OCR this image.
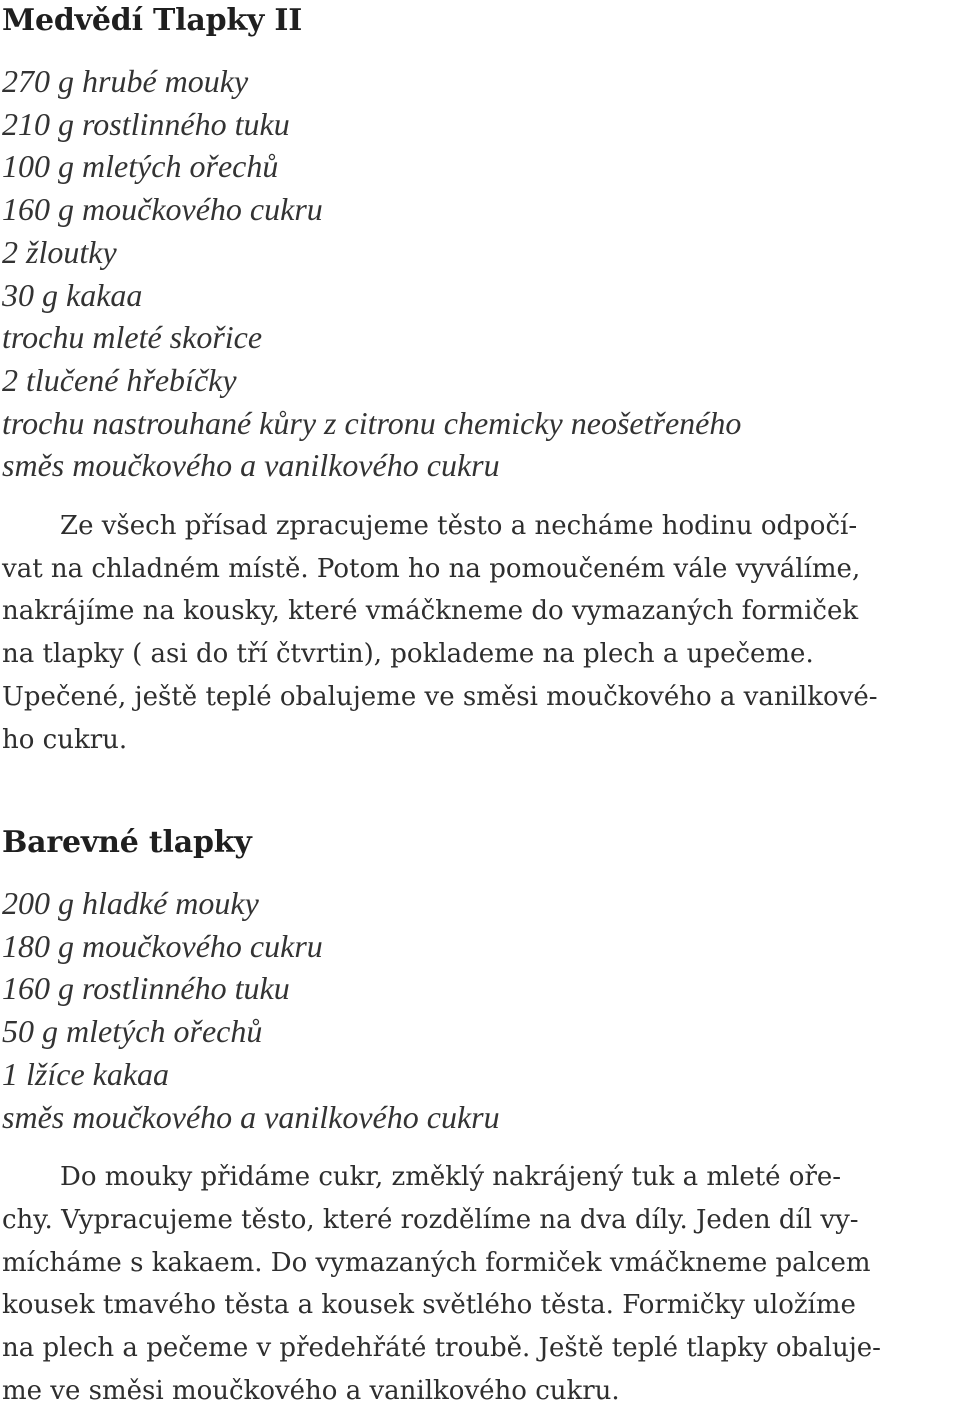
Medvědí Tlapky II
270 g hrubé mouky
210 g rostlinného tuku
100 g mletých ořechů
160 g moučkového cukru
2 žloutky
30 g kakaa
trochu mleté skořice
2 tlučené hřebíčky
trochu nastrouhané kůry z citronu chemicky neošetřeného
směs moučkového a vanilkového cukru

Ze všech přísad zpracujeme těsto a necháme hodinu odpočí-
vat na chladném místě. Potom ho na pomoučeném vále vyválíme,
nakrájíme na kousky, které vmáčkneme do vymazaných formiček
na tlapky ( asi do tří čtvrtin), poklademe na plech a upečeme.
Upečené, ještě teplé obalujeme ve směsi moučkového a vanilkové-
ho cukru.

Barevné tlapky
200 g hladké mouky
180 g moučkového cukru
160 g rostlinného tuku
50 g mletých ořechů
1 lžíce kakaa
směs moučkového a vanilkového cukru

Do mouky přidáme cukr, změklý nakrájený tuk a mleté oře-
chy. Vypracujeme těsto, které rozdělíme na dva díly. Jeden díl vy-
mícháme s kakaem. Do vymazaných formiček vmáčkneme palcem
kousek tmavého těsta a kousek světlého těsta. Formičky uložíme
na plech a pečeme v předehřáté troubě. Ještě teplé tlapky obaluje-
me ve směsi moučkového a vanilkového cukru.
